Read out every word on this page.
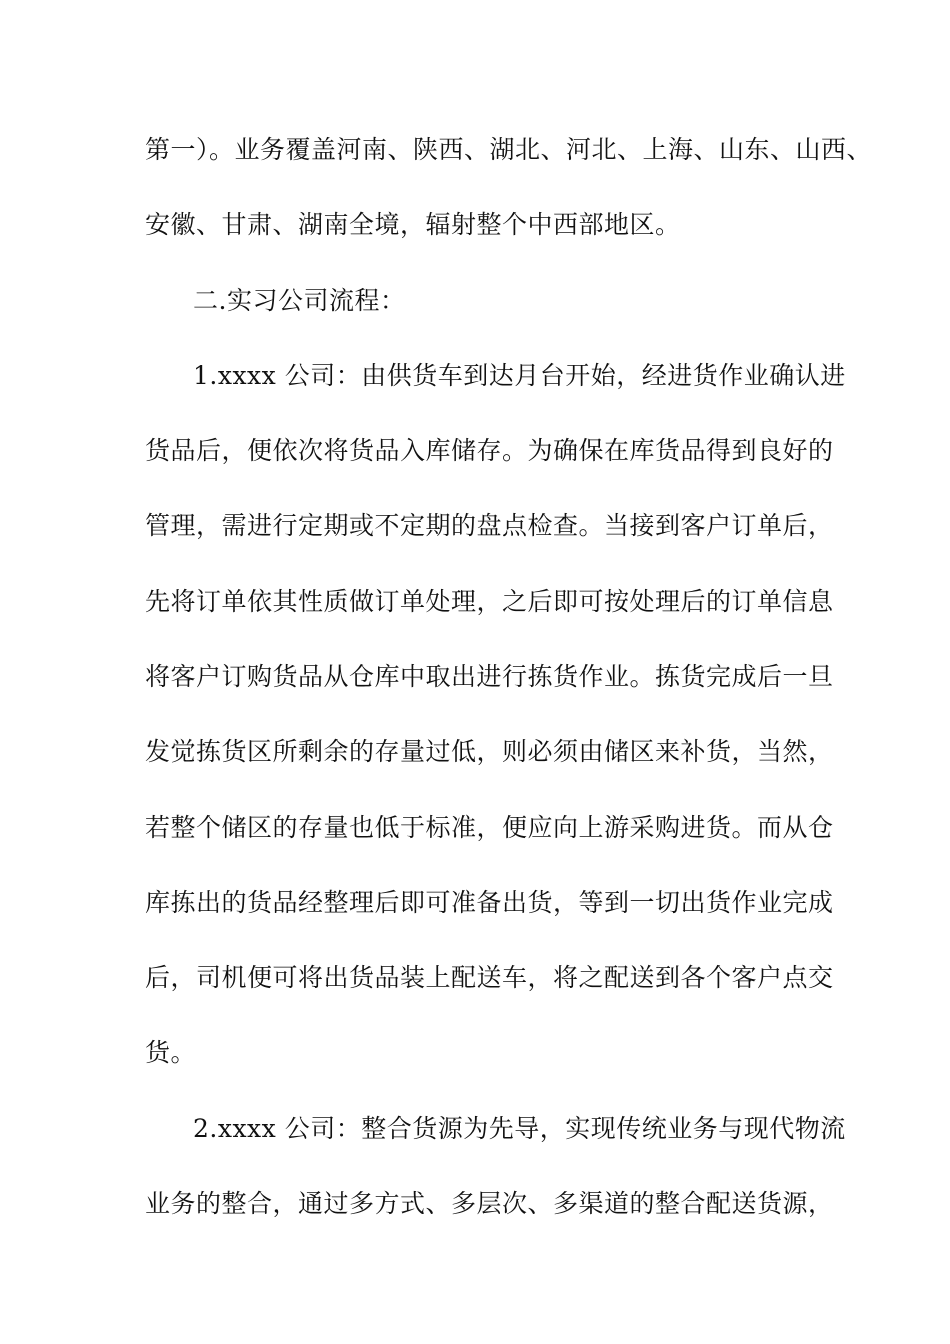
第一）。业务覆盖河南、陕西、湖北、河北、上海、山东、山西、
安徽、甘肃、湖南全境，辐射整个中西部地区。
二.实习公司流程：
1.xxxx 公司：由供货车到达月台开始，经进货作业确认进
货品后，便依次将货品入库储存。为确保在库货品得到良好的
管理，需进行定期或不定期的盘点检查。当接到客户订单后，
先将订单依其性质做订单处理，之后即可按处理后的订单信息
将客户订购货品从仓库中取出进行拣货作业。拣货完成后一旦
发觉拣货区所剩余的存量过低，则必须由储区来补货，当然，
若整个储区的存量也低于标准，便应向上游采购进货。而从仓
库拣出的货品经整理后即可准备出货，等到一切出货作业完成
后，司机便可将出货品装上配送车，将之配送到各个客户点交
货。
2.xxxx 公司：整合货源为先导，实现传统业务与现代物流
业务的整合，通过多方式、多层次、多渠道的整合配送货源，
